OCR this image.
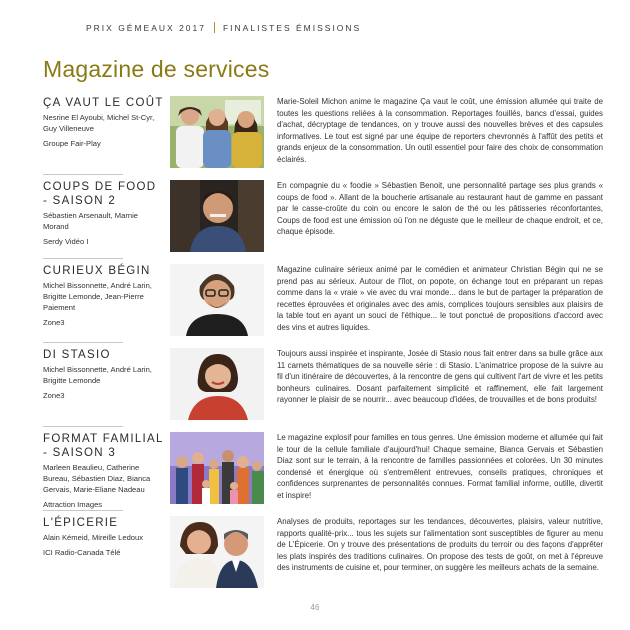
PRIX GÉMEAUX 2017 FINALISTES ÉMISSIONS
Magazine de services
ÇA VAUT LE COÛT
Nesrine El Ayoubi, Michel St-Cyr, Guy Villeneuve
Groupe Fair-Play
Marie-Soleil Michon anime le magazine Ça vaut le coût, une émission allumée qui traite de toutes les questions reliées à la consommation. Reportages fouillés, bancs d'essai, guides d'achat, décryptage de tendances, on y trouve aussi des nouvelles brèves et des capsules informatives. Le tout est signé par une équipe de reporters chevronnés à l'affût des petits et grands enjeux de la consommation. Un outil essentiel pour faire des choix de consommation éclairés.
COUPS DE FOOD - SAISON 2
Sébastien Arsenault, Marnie Morand
Serdy Vidéo I
En compagnie du « foodie » Sébastien Benoit, une personnalité partage ses plus grands « coups de food ». Allant de la boucherie artisanale au restaurant haut de gamme en passant par le casse-croûte du coin ou encore le salon de thé ou les pâtisseries réconfortantes, Coups de food est une émission où l'on ne déguste que le meilleur de chaque endroit, et ce, chaque épisode.
CURIEUX BÉGIN
Michel Bissonnette, André Larin, Brigitte Lemonde, Jean-Pierre Paiement
Zone3
Magazine culinaire sérieux animé par le comédien et animateur Christian Bégin qui ne se prend pas au sérieux. Autour de l'îlot, on popote, on échange tout en préparant un repas comme dans la « vraie » vie avec du vrai monde... dans le but de partager la préparation de recettes éprouvées et originales avec des amis, complices toujours sensibles aux plaisirs de la table tout en ayant un souci de l'éthique... le tout ponctué de propositions d'accord avec des vins et autres liquides.
DI STASIO
Michel Bissonnette, André Larin, Brigitte Lemonde
Zone3
Toujours aussi inspirée et inspirante, Josée di Stasio nous fait entrer dans sa bulle grâce aux 11 carnets thématiques de sa nouvelle série : di Stasio. L'animatrice propose de la suivre au fil d'un itinéraire de découvertes, à la rencontre de gens qui cultivent l'art de vivre et les petits bonheurs culinaires. Dosant parfaitement simplicité et raffinement, elle fait largement rayonner le plaisir de se nourrir... avec beaucoup d'idées, de trouvailles et de bons produits!
FORMAT FAMILIAL - SAISON 3
Marleen Beaulieu, Catherine Bureau, Sébastien Diaz, Bianca Gervais, Marie-Eliane Nadeau
Attraction Images
Le magazine explosif pour familles en tous genres. Une émission moderne et allumée qui fait le tour de la cellule familiale d'aujourd'hui! Chaque semaine, Bianca Gervais et Sébastien Diaz sont sur le terrain, à la rencontre de familles passionnées et colorées. Un 30 minutes condensé et énergique où s'entremêlent entrevues, conseils pratiques, chroniques et confidences surprenantes de personnalités connues. Format familial informe, outille, divertit et inspire!
L'ÉPICERIE
Alain Kémeid, Mireille Ledoux
ICI Radio-Canada Télé
Analyses de produits, reportages sur les tendances, découvertes, plaisirs, valeur nutritive, rapports qualité-prix... tous les sujets sur l'alimentation sont susceptibles de figurer au menu de L'Épicerie. On y trouve des présentations de produits du terroir ou des façons d'apprêter les plats inspirés des traditions culinaires. On propose des tests de goût, on met à l'épreuve des instruments de cuisine et, pour terminer, on suggère les meilleurs achats de la semaine.
46
